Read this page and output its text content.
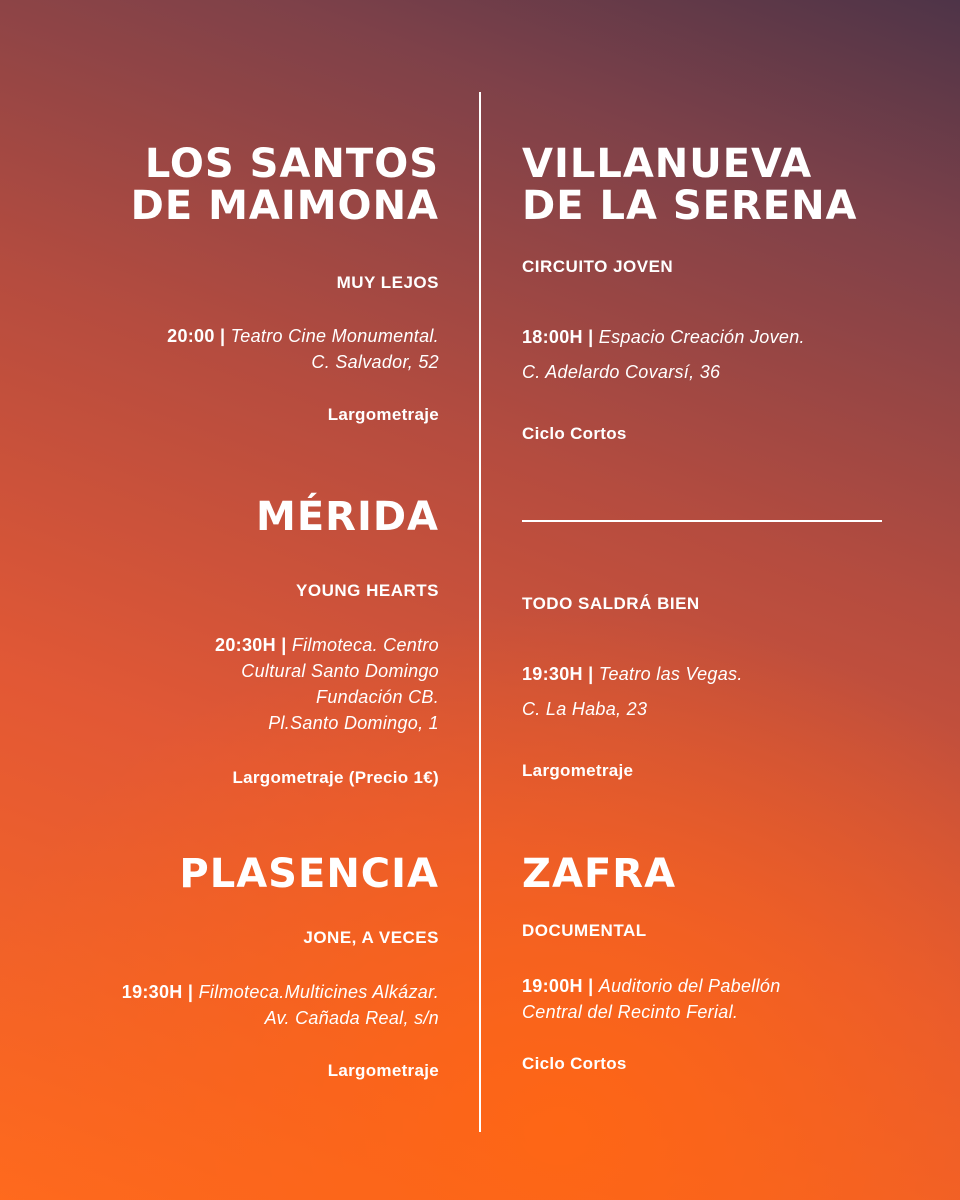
LOS SANTOS
DE MAIMONA

MUY LEJOS

20:00 | Teatro Cine Monumental.
C. Salvador, 52

Largometraje

MÉRIDA

YOUNG HEARTS

20:30H | Filmoteca. Centro
Cultural Santo Domingo
Fundación CB.
Pl.Santo Domingo, 1

Largometraje (Precio 1€)

PLASENCIA

JONE, A VECES

19:30H | Filmoteca.Multicines Alkázar.
Av. Cañada Real, s/n

Largometraje

VILLANUEVA
DE LA SERENA

CIRCUITO JOVEN

18:00H | Espacio Creación Joven.
C. Adelardo Covarsí, 36

Ciclo Cortos

TODO SALDRÁ BIEN

19:30H | Teatro las Vegas.
C. La Haba, 23

Largometraje

ZAFRA

DOCUMENTAL

19:00H | Auditorio del Pabellón
Central del Recinto Ferial.

Ciclo Cortos
